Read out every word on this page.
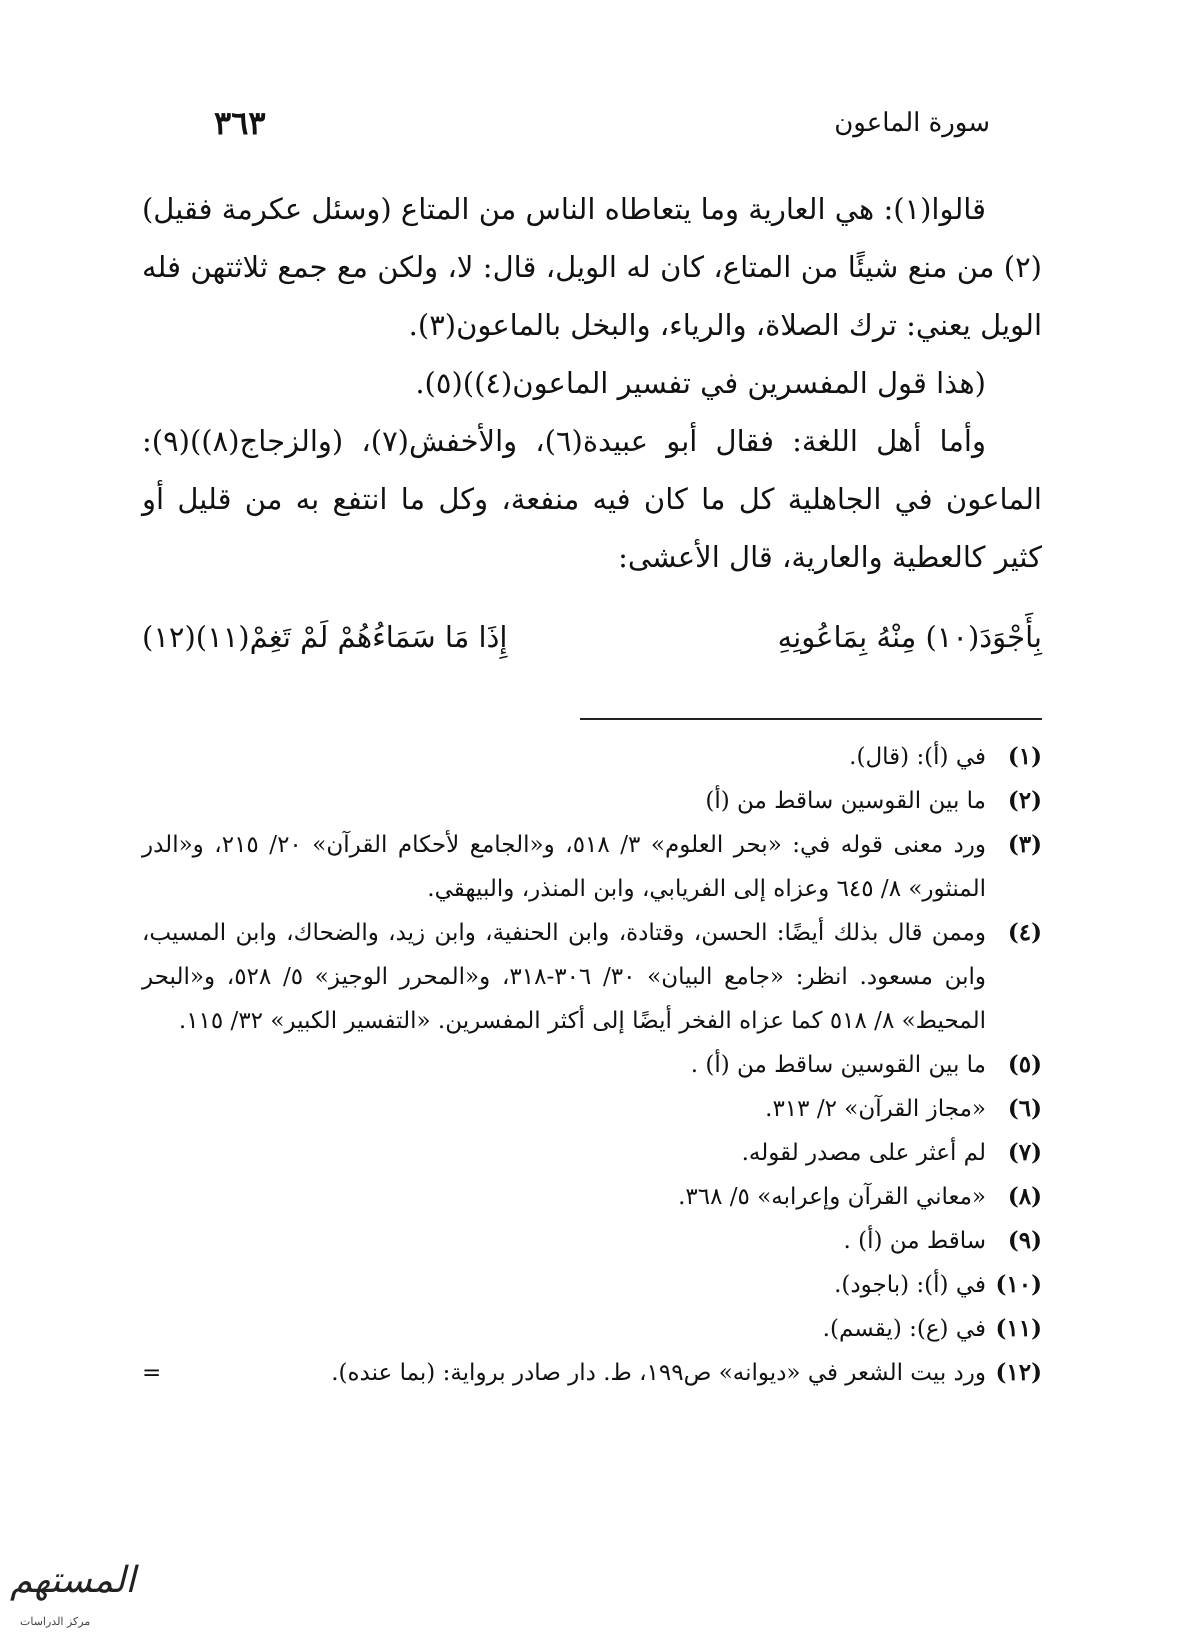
سورة الماعون
٣٦٣

قالوا(١): هي العارية وما يتعاطاه الناس من المتاع (وسئل عكرمة فقيل)(٢) من منع شيئًا من المتاع، كان له الويل، قال: لا، ولكن مع جمع ثلاثتهن فله الويل يعني: ترك الصلاة، والرياء، والبخل بالماعون(٣).

(هذا قول المفسرين في تفسير الماعون(٤))(٥).

وأما أهل اللغة: فقال أبو عبيدة(٦)، والأخفش(٧)، (والزجاج(٨))(٩): الماعون في الجاهلية كل ما كان فيه منفعة، وكل ما انتفع به من قليل أو كثير كالعطية والعارية، قال الأعشى:

بِأَجْوَدَ(١٠) مِنْهُ بِمَاعُونِهِ
إِذَا مَا سَمَاءُهُمْ لَمْ تَغِمْ(١١)(١٢)
(١)
في (أ): (قال).
(٢)
ما بين القوسين ساقط من (أ)
(٣)
ورد معنى قوله في: «بحر العلوم» ٣/ ٥١٨، و«الجامع لأحكام القرآن» ٢٠/ ٢١٥، و«الدر المنثور» ٨/ ٦٤٥ وعزاه إلى الفريابي، وابن المنذر، والبيهقي.
(٤)
وممن قال بذلك أيضًا: الحسن، وقتادة، وابن الحنفية، وابن زيد، والضحاك، وابن المسيب، وابن مسعود. انظر: «جامع البيان» ٣٠/ ٣٠٦-٣١٨، و«المحرر الوجيز» ٥/ ٥٢٨، و«البحر المحيط» ٨/ ٥١٨ كما عزاه الفخر أيضًا إلى أكثر المفسرين. «التفسير الكبير» ٣٢/ ١١٥.
(٥)
ما بين القوسين ساقط من (أ) .
(٦)
«مجاز القرآن» ٢/ ٣١٣.
(٧)
لم أعثر على مصدر لقوله.
(٨)
«معاني القرآن وإعرابه» ٥/ ٣٦٨.
(٩)
ساقط من (أ) .
(١٠)
في (أ): (باجود).
(١١)
في (ع): (يقسم).
(١٢)
ورد بيت الشعر في «ديوانه» ص١٩٩، ط. دار صادر برواية: (بما عنده).
=
المستهم
مركز الدراسات
